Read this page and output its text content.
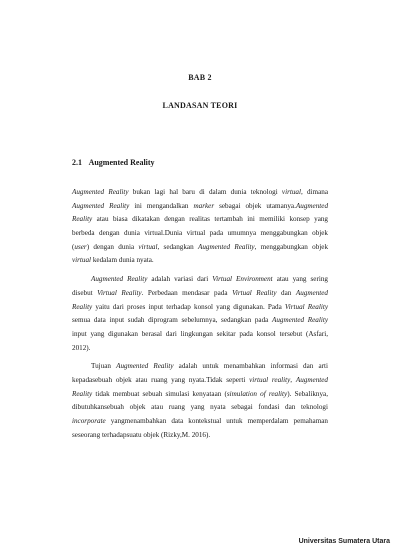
BAB 2
LANDASAN TEORI
2.1 Augmented Reality
Augmented Reality bukan lagi hal baru di dalam dunia teknologi virtual, dimana
Augmented Reality ini mengandalkan marker sebagai objek utamanya.Augmented
Reality atau biasa dikatakan dengan realitas tertambah ini memiliki konsep yang
berbeda dengan dunia virtual.Dunia virtual pada umumnya menggabungkan objek
(user) dengan dunia virtual, sedangkan Augmented Reality, menggabungkan objek
virtual kedalam dunia nyata.
Augmented Reality adalah variasi dari Virtual Environment atau yang sering
disebut Virtual Reality. Perbedaan mendasar pada Virtual Reality dan Augmented
Reality yaitu dari proses input terhadap konsol yang digunakan. Pada Virtual Reality
semua data input sudah diprogram sebelumnya, sedangkan pada Augmented Reality
input yang digunakan berasal dari lingkungan sekitar pada konsol tersebut (Asfari,
2012).
Tujuan Augmented Reality adalah untuk menambahkan informasi dan arti
kepadasebuah objek atau ruang yang nyata.Tidak seperti virtual reality, Augmented
Reality tidak membuat sebuah simulasi kenyataan (simulation of reality). Sebaliknya,
dibutuhkansebuah objek atau ruang yang nyata sebagai fondasi dan teknologi
incorporate yangmenambahkan data kontekstual untuk memperdalam pemahaman
seseorang terhadapsuatu objek (Rizky,M. 2016).
Universitas Sumatera Utara
